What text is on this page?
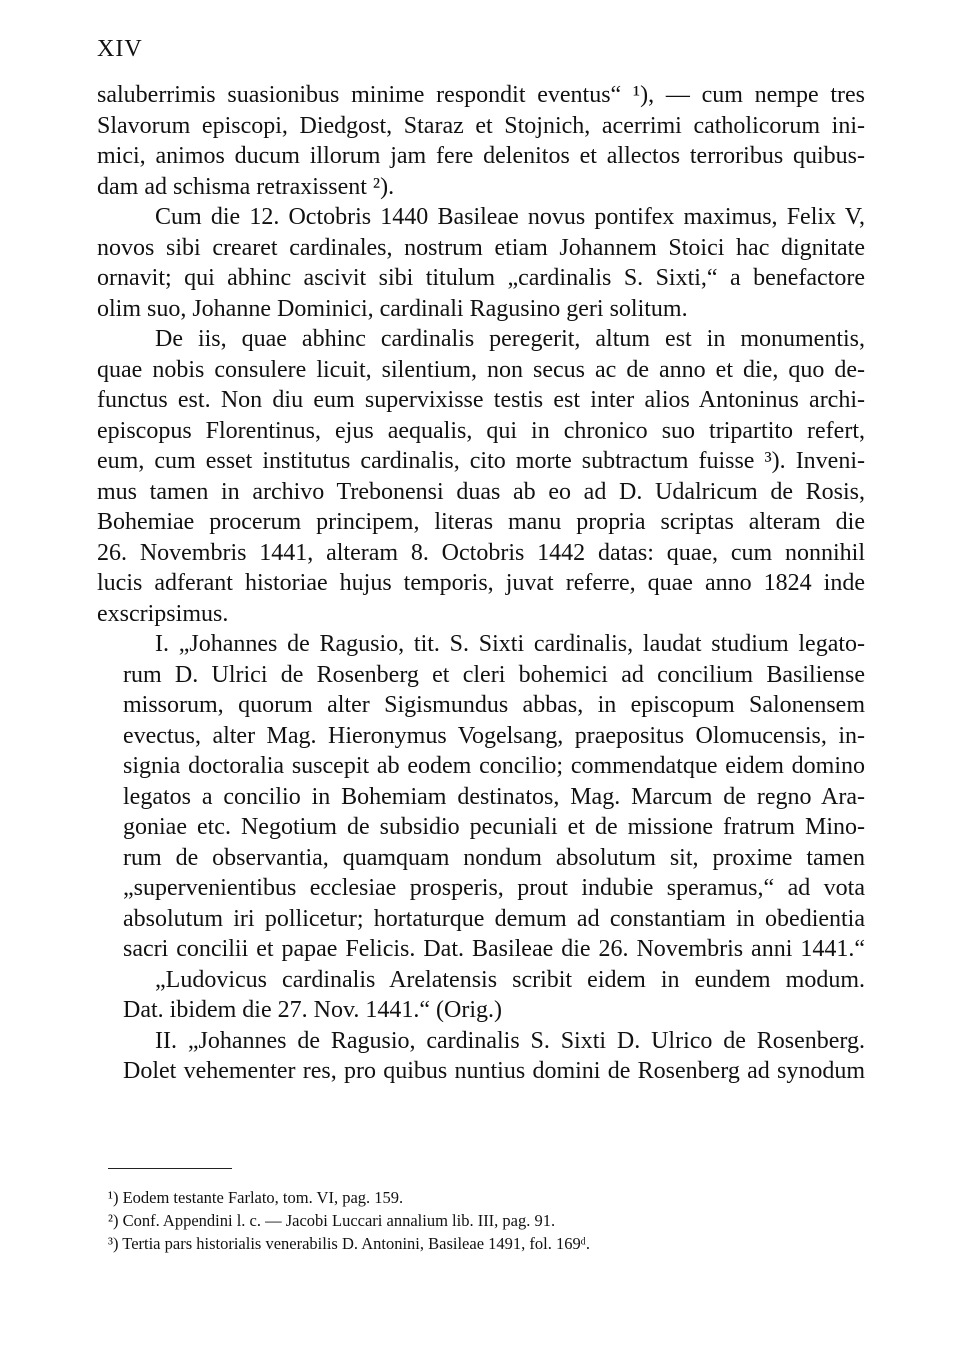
XIV
saluberrimis suasionibus minime respondit eventus“ ¹), — cum nempe tres
Slavorum episcopi, Diedgost, Staraz et Stojnich, acerrimi catholicorum ini-
mici, animos ducum illorum jam fere delenitos et allectos terroribus quibus-
dam ad schisma retraxissent ²).
Cum die 12. Octobris 1440 Basileae novus pontifex maximus, Felix V,
novos sibi crearet cardinales, nostrum etiam Johannem Stoici hac dignitate
ornavit; qui abhinc ascivit sibi titulum „cardinalis S. Sixti,“ a benefactore
olim suo, Johanne Dominici, cardinali Ragusino geri solitum.
De iis, quae abhinc cardinalis peregerit, altum est in monumentis,
quae nobis consulere licuit, silentium, non secus ac de anno et die, quo de-
functus est. Non diu eum supervixisse testis est inter alios Antoninus archi-
episcopus Florentinus, ejus aequalis, qui in chronico suo tripartito refert,
eum, cum esset institutus cardinalis, cito morte subtractum fuisse ³). Inveni-
mus tamen in archivo Trebonensi duas ab eo ad D. Udalricum de Rosis,
Bohemiae procerum principem, literas manu propria scriptas alteram die
26. Novembris 1441, alteram 8. Octobris 1442 datas: quae, cum nonnihil
lucis adferant historiae hujus temporis, juvat referre, quae anno 1824 inde
exscripsimus.
I. „Johannes de Ragusio, tit. S. Sixti cardinalis, laudat studium legato-
rum D. Ulrici de Rosenberg et cleri bohemici ad concilium Basiliense
missorum, quorum alter Sigismundus abbas, in episcopum Salonensem
evectus, alter Mag. Hieronymus Vogelsang, praepositus Olomucensis, in-
signia doctoralia suscepit ab eodem concilio; commendatque eidem domino
legatos a concilio in Bohemiam destinatos, Mag. Marcum de regno Ara-
goniae etc. Negotium de subsidio pecuniali et de missione fratrum Mino-
rum de observantia, quamquam nondum absolutum sit, proxime tamen
„supervenientibus ecclesiae prosperis, prout indubie speramus,“ ad vota
absolutum iri pollicetur; hortaturque demum ad constantiam in obedientia
sacri concilii et papae Felicis. Dat. Basileae die 26. Novembris anni 1441.“
„Ludovicus cardinalis Arelatensis scribit eidem in eundem modum.
Dat. ibidem die 27. Nov. 1441.“ (Orig.)
II. „Johannes de Ragusio, cardinalis S. Sixti D. Ulrico de Rosenberg.
Dolet vehementer res, pro quibus nuntius domini de Rosenberg ad synodum
¹) Eodem testante Farlato, tom. VI, pag. 159.
²) Conf. Appendini l. c. — Jacobi Luccari annalium lib. III, pag. 91.
³) Tertia pars historialis venerabilis D. Antonini, Basileae 1491, fol. 169ᵈ.
